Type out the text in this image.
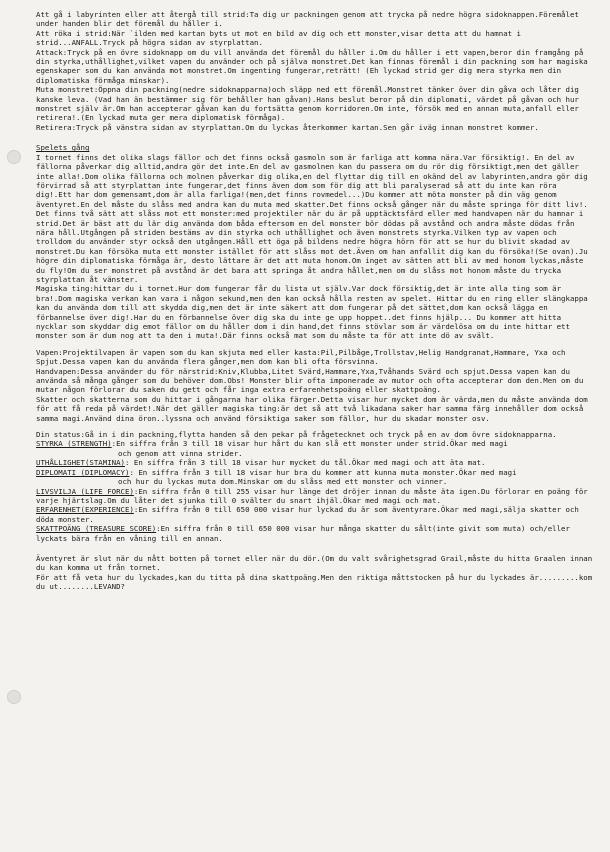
Att gå i labyrinten eller att återgå till strid:Ta dig ur packningen genom att trycka på nedre högra sidoknappen.Föremålet under handen blir det föremål du håller i.

Att röka i strid:När `ilden med kartan byts ut mot en bild av dig och ett monster,visar detta att du hamnat i strid...ANFALL.Tryck på högra sidan av styrplattan.

Attack:Tryck på en övre sidoknapp om du vill använda det föremål du håller i.Om du håller i ett vapen,beror din framgång på din styrka,uthållighet,vilket vapen du använder och på själva monstret.Det kan finnas föremål i din packning som har magiska egenskaper som du kan använda mot monstret.Om ingenting fungerar,reträtt! (Eh lyckad strid ger dig mera styrka men din diplomatiska förmåga minskar).

Muta monstret:Öppna din packning(nedre sidoknapparna)och släpp ned ett föremål.Monstret tänker över din gåva och låter dig kanske leva. (Vad han än bestämmer sig för behåller han gåvan).Hans beslut beror på din diplomati, värdet på gåvan och hur monstret själv är.Om han accepterar gåvan kan du fortsätta genom korridoren.Om inte, försök med en annan muta,anfall eller retirera!.(En lyckad muta ger mera diplomatisk förmåga).

Retirera:Tryck på vänstra sidan av styrplattan.Om du lyckas återkommer kartan.Sen går iväg innan monstret kommer.

Spelets gång

I tornet finns det olika slags fällor och det finns också gasmoln som är farliga att komma nära.Var försiktig!. En del av fällorna påverkar dig alltid,andra gör det inte.En del av gasmolnen kan du passera om du rör dig försiktigt,men det gäller inte alla!.Dom olika fällorna och molnen påverkar dig olika,en del flyttar dig till en okänd del av labyrinten,andra gör dig förvirrad så att styrplattan inte fungerar,det finns även dom som för dig att bli paralyserad så att du inte kan röra dig!.Ett har dom gemensamt,dom är alla farliga!(men,det finns rovmedel...)Du kommer att möta monster på din väg genom äventyret.En del måste du slåss med andra kan du muta med skatter.Det finns också gånger när du måste springa för ditt liv!.

Det finns två sätt att slåss mot ett monster:med projektiler när du är på upptäcktsfärd eller med handvapen när du hamnar i strid.Det är bäst att du lär dig använda dom båda eftersom en del monster bör dödas på avstånd och andra måste dödas från nära håll.Utgången på striden bestäms av din styrka och uthållighet och även monstrets styrka.Vilken typ av vapen och trolldom du använder styr också den utgången.Håll ett öga på bildens nedre högra hörn för att se hur du blivit skadad av monstret.Du kan försöka muta ett monster istället för att slåss mot det.Även om han anfallit dig kan du försöka!(Se ovan).Ju högre din diplomatiska förmåga är, desto lättare är det att muta honom.Om inget av sätten att bli av med honom lyckas,måste du fly!Om du ser monstret på avstånd är det bara att springa åt andra hållet,men om du slåss mot honom måste du trycka styrplattan åt vänster.

Magiska ting:hittar du i tornet.Hur dom fungerar får du lista ut själv.Var dock försiktig,det är inte alla ting som är bra!.Dom magiska verkan kan vara i någon sekund,men den kan också hålla resten av spelet. Hittar du en ring eller slängkappa kan du använda dom till att skydda dig,men det är inte säkert att dom fungerar på det sättet,dom kan också lägga en förbannelse över dig!.Har du en förbannelse över dig ska du inte ge upp hoppet..det finns hjälp... Du kommer att hitta nycklar som skyddar dig emot fällor om du håller dom i din hand,det finns stövlar som är värdelösa om du inte hittar ett monster som är dum nog att ta den i muta!.Där finns också mat som du måste ta för att inte dö av svält.

Vapen:Projektilvapen är vapen som du kan skjuta med eller kasta:Pil,Pilbåge,Trollstav,Helig Handgranat,Hammare, Yxa och Spjut.Dessa vapen kan du använda flera gånger,men dom kan bli ofta försvinna.

Handvapen:Dessa använder du för närstrid:Kniv,Klubba,Litet Svärd,Hammare,Yxa,Tvåhands Svärd och spjut.Dessa vapen kan du använda så många gånger som du behöver dom.Obs! Monster blir ofta imponerade av mutor och ofta accepterar dom den.Men om du mutar någon förlorar du saken du gett och får inga extra erfarenhetspoäng eller skattpoäng.

Skatter och skatterna som du hittar i gångarna har olika färger.Detta visar hur mycket dom är värda,men du måste använda dom för att få reda på värdet!.När det gäller magiska ting:är det så att två likadana saker har samma färg innehåller dom också samma magi.Använd dina öron..lyssna och använd försiktiga saker som fällor, hur du skadar monster osv.

Din status:Gå in i din packning,flytta handen så den pekar på frågetecknet och tryck på en av dom övre sidoknapparna.

STYRKA (STRENGTH):En siffra från 3 till 18 visar hur hårt du kan slå ett monster under strid.Ökar med magi
och genom att vinna strider.

UTHÅLLIGHET(STAMINA): En siffra från 3 till 18 visar hur mycket du tål.Ökar med magi och att äta mat.

DIPLOMATI (DIPLOMACY): En siffra från 3 till 18 visar hur bra du kommer att kunna muta monster.Ökar med magi
och hur du lyckas muta dom.Minskar om du slåss med ett monster och vinner.

LIVSVILJA (LIFE FORCE):En siffra från 0 till 255 visar hur länge det dröjer innan du måste äta igen.Du förlorar en poäng för varje hjärtslag.Om du låter det sjunka till 0 svälter du snart ihjäl.Ökar med magi och mat.

ERFARENHET(EXPERIENCE):En siffra från 0 till 650 000 visar hur lyckad du är som äventyrare.Ökar med magi,sälja skatter och döda monster.

SKATTPOÄNG (TREASURE SCORE):En siffra från 0 till 650 000 visar hur många skatter du sålt(inte givit som muta) och/eller lyckats bära från en våning till en annan.

Äventyret är slut när du nått botten på tornet eller när du dör.(Om du valt svårighetsgrad Grail,måste du hitta Graalen innan du kan komma ut från tornet.

För att få veta hur du lyckades,kan du titta på dina skattpoäng.Men den riktiga måttstocken på hur du lyckades är.........kom du ut........LEVAND?
